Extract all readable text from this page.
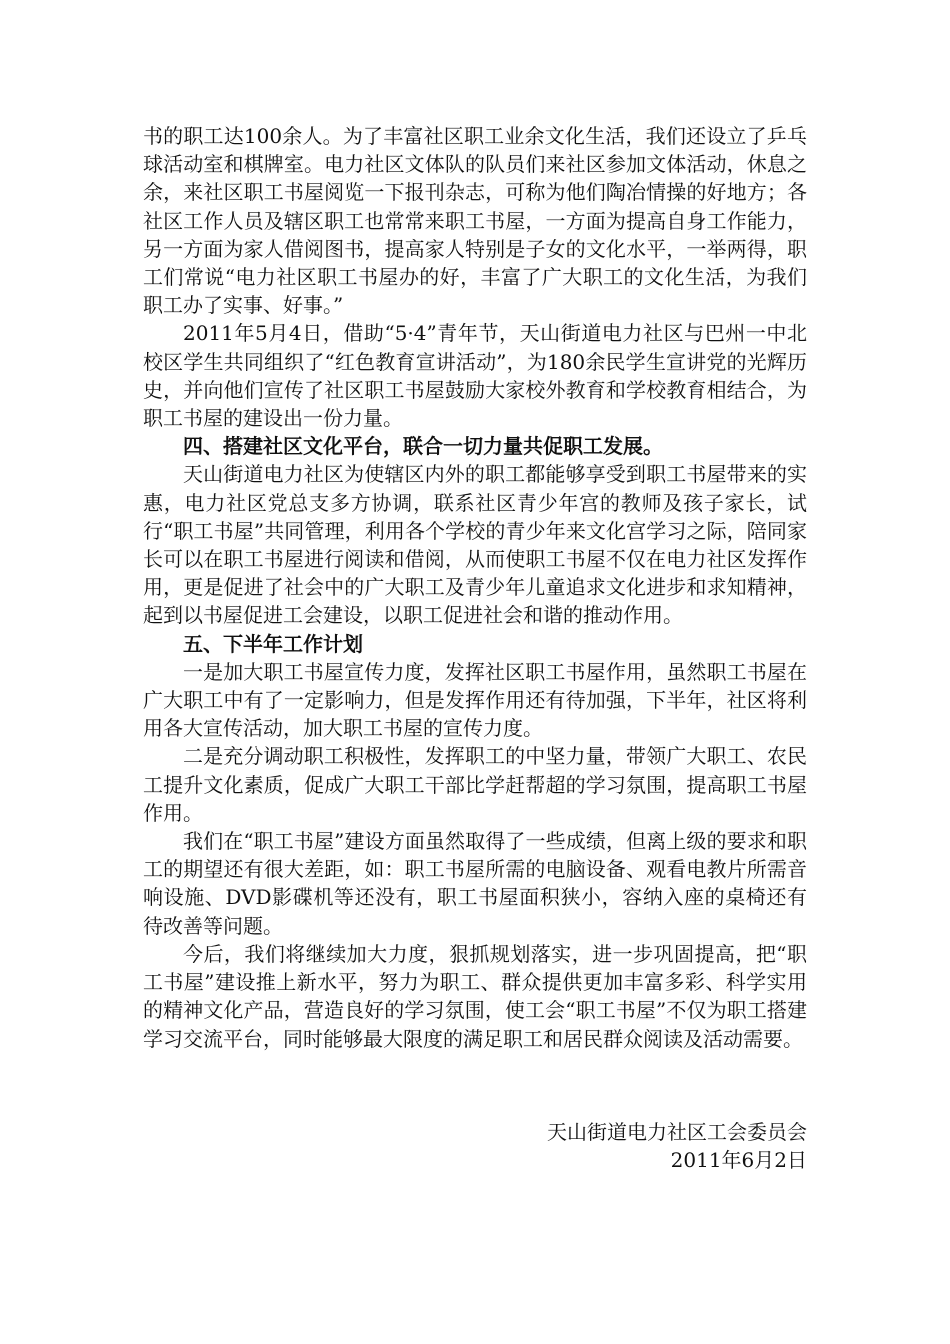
书的职工达100余人。为了丰富社区职工业余文化生活，我们还设立了乒乓球活动室和棋牌室。电力社区文体队的队员们来社区参加文体活动，休息之余，来社区职工书屋阅览一下报刊杂志，可称为他们陶冶情操的好地方；各社区工作人员及辖区职工也常常来职工书屋，一方面为提高自身工作能力，另一方面为家人借阅图书，提高家人特别是子女的文化水平，一举两得，职工们常说“电力社区职工书屋办的好，丰富了广大职工的文化生活，为我们职工办了实事、好事。”

2011年5月4日，借助“5·4”青年节，天山街道电力社区与巴州一中北校区学生共同组织了“红色教育宣讲活动”，为180余民学生宣讲党的光辉历史，并向他们宣传了社区职工书屋鼓励大家校外教育和学校教育相结合，为职工书屋的建设出一份力量。

四、搭建社区文化平台，联合一切力量共促职工发展。

天山街道电力社区为使辖区内外的职工都能够享受到职工书屋带来的实惠，电力社区党总支多方协调，联系社区青少年宫的教师及孩子家长，试行“职工书屋”共同管理，利用各个学校的青少年来文化宫学习之际，陪同家长可以在职工书屋进行阅读和借阅，从而使职工书屋不仅在电力社区发挥作用，更是促进了社会中的广大职工及青少年儿童追求文化进步和求知精神，起到以书屋促进工会建设，以职工促进社会和谐的推动作用。

五、下半年工作计划

一是加大职工书屋宣传力度，发挥社区职工书屋作用，虽然职工书屋在广大职工中有了一定影响力，但是发挥作用还有待加强，下半年，社区将利用各大宣传活动，加大职工书屋的宣传力度。

二是充分调动职工积极性，发挥职工的中坚力量，带领广大职工、农民工提升文化素质，促成广大职工干部比学赶帮超的学习氛围，提高职工书屋作用。

我们在“职工书屋”建设方面虽然取得了一些成绩，但离上级的要求和职工的期望还有很大差距，如：职工书屋所需的电脑设备、观看电教片所需音响设施、DVD影碟机等还没有，职工书屋面积狭小，容纳入座的桌椅还有待改善等问题。

今后，我们将继续加大力度，狠抓规划落实，进一步巩固提高，把“职工书屋”建设推上新水平，努力为职工、群众提供更加丰富多彩、科学实用的精神文化产品，营造良好的学习氛围，使工会“职工书屋”不仅为职工搭建学习交流平台，同时能够最大限度的满足职工和居民群众阅读及活动需要。

天山街道电力社区工会委员会
2011年6月2日
